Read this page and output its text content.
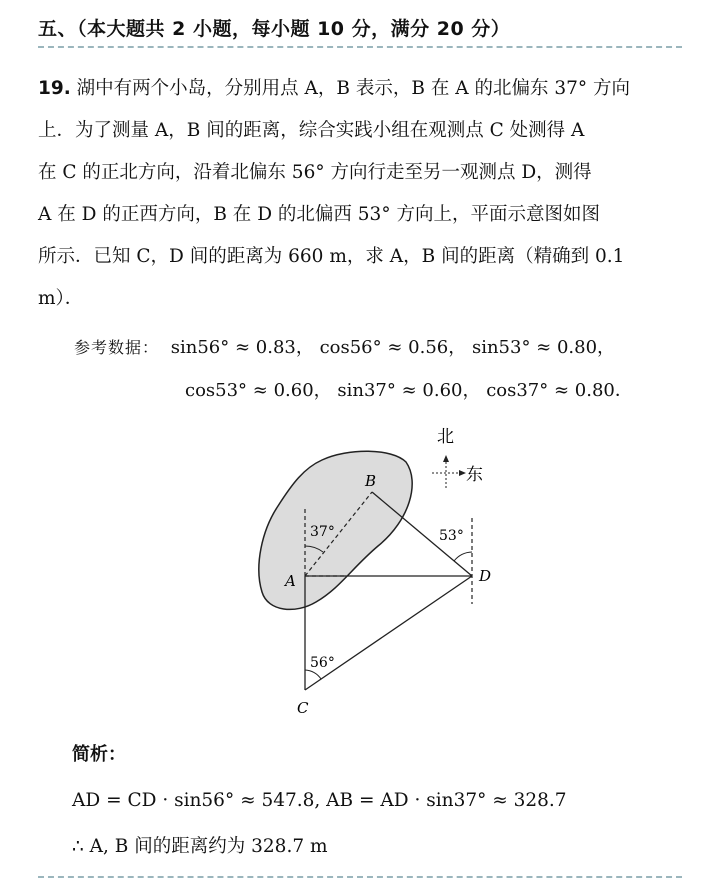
五、（本大题共 2 小题，每小题 10 分，满分 20 分）
19. 湖中有两个小岛，分别用点 A，B 表示，B 在 A 的北偏东 37° 方向
上．为了测量 A，B 间的距离，综合实践小组在观测点 C 处测得 A
在 C 的正北方向，沿着北偏东 56° 方向行走至另一观测点 D，测得
A 在 D 的正西方向，B 在 D 的北偏西 53° 方向上，平面示意图如图
所示．已知 C，D 间的距离为 660 m，求 A，B 间的距离（精确到 0.1
m）．
参考数据： sin56° ≈ 0.83， cos56° ≈ 0.56， sin53° ≈ 0.80，
cos53° ≈ 0.60， sin37° ≈ 0.60， cos37° ≈ 0.80．
北
东
B
A	D
C
37°	53°
56°
简析：
AD = CD · sin56° ≈ 547.8, AB = AD · sin37° ≈ 328.7
∴ A, B 间的距离约为 328.7 m
